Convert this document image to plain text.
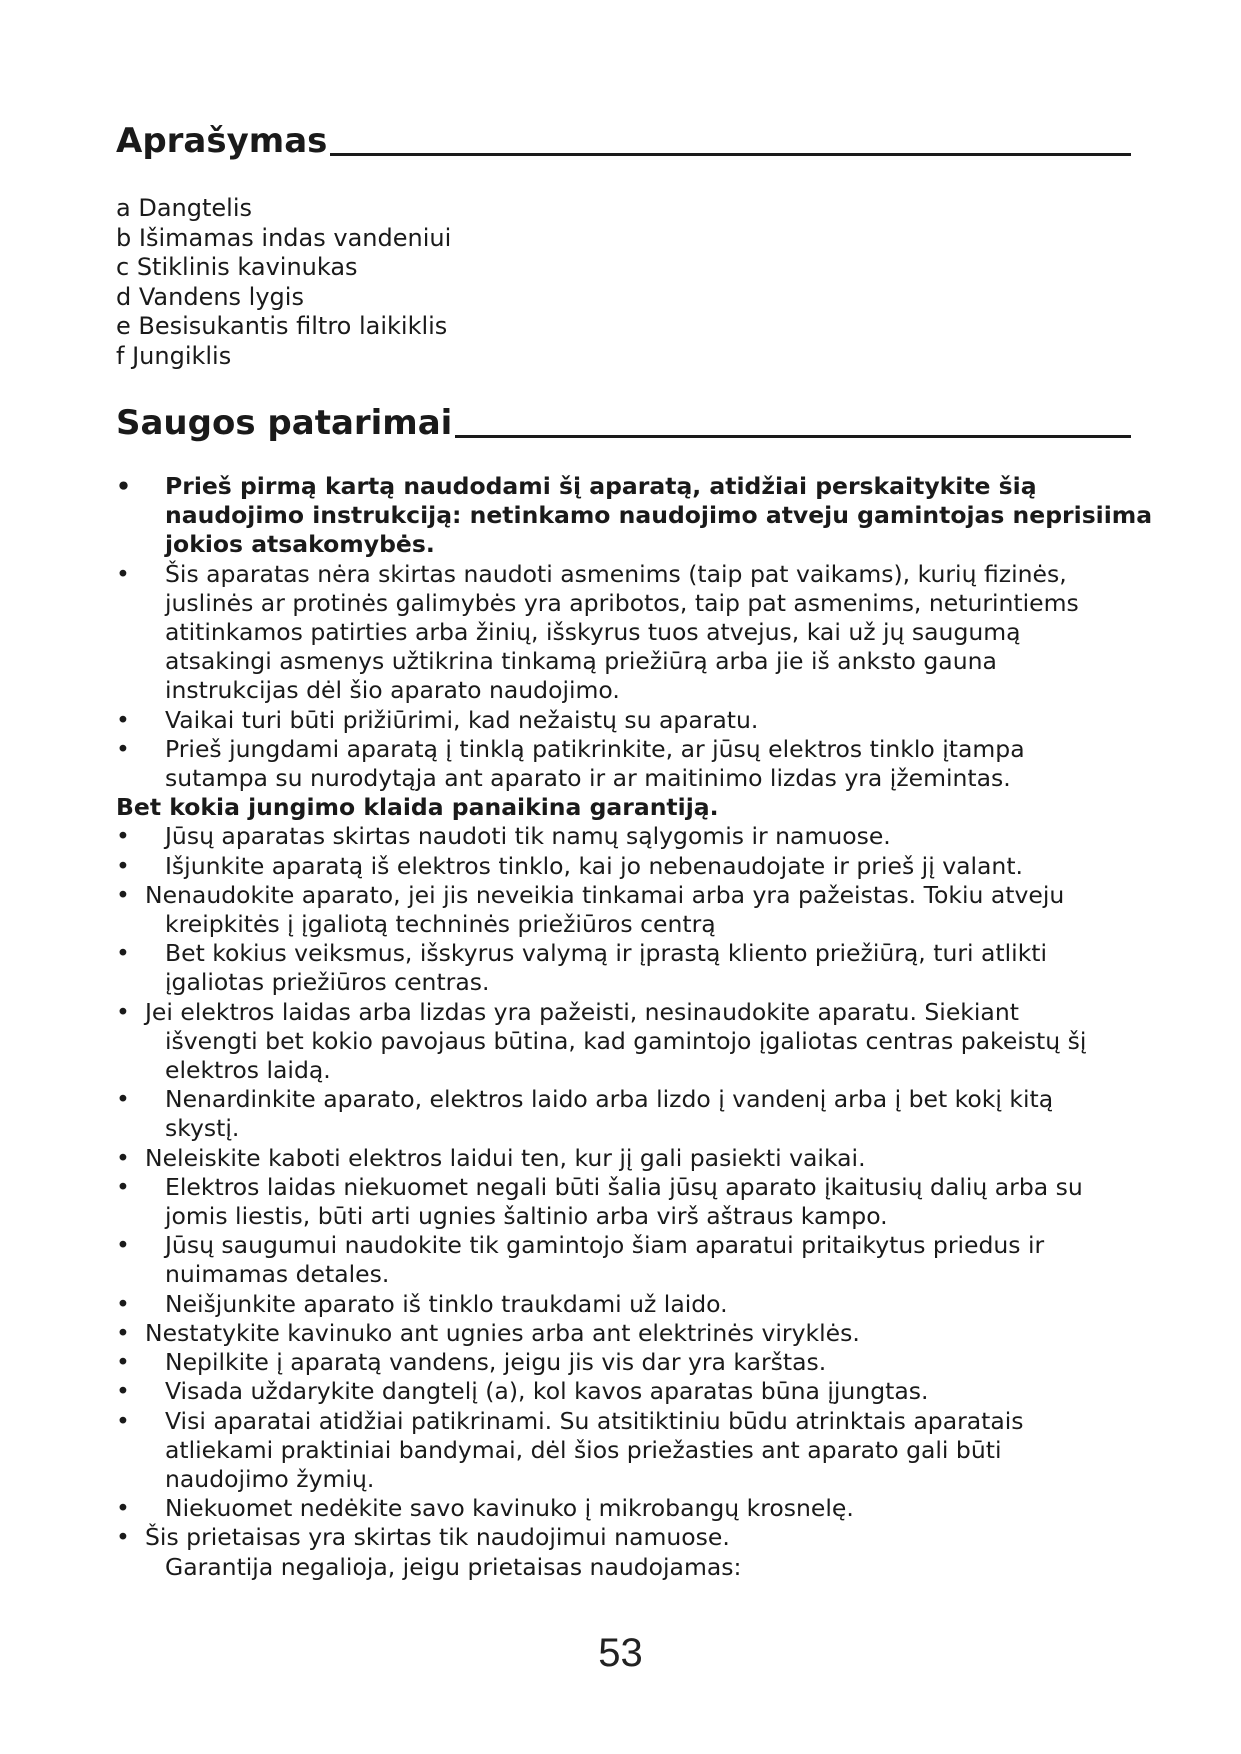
Aprašymas
a Dangtelis
b Išimamas indas vandeniui
c Stiklinis kavinukas
d Vandens lygis
e Besisukantis filtro laikiklis
f Jungiklis
Saugos patarimai
• Prieš pirmą kartą naudodami šį aparatą, atidžiai perskaitykite šią
naudojimo instrukciją: netinkamo naudojimo atveju gamintojas neprisiima
jokios atsakomybės.
• Šis aparatas nėra skirtas naudoti asmenims (taip pat vaikams), kurių fizinės,
juslinės ar protinės galimybės yra apribotos, taip pat asmenims, neturintiems
atitinkamos patirties arba žinių, išskyrus tuos atvejus, kai už jų saugumą
atsakingi asmenys užtikrina tinkamą priežiūrą arba jie iš anksto gauna
instrukcijas dėl šio aparato naudojimo.
• Vaikai turi būti prižiūrimi, kad nežaistų su aparatu.
• Prieš jungdami aparatą į tinklą patikrinkite, ar jūsų elektros tinklo įtampa
sutampa su nurodytąja ant aparato ir ar maitinimo lizdas yra įžemintas.
Bet kokia jungimo klaida panaikina garantiją.
• Jūsų aparatas skirtas naudoti tik namų sąlygomis ir namuose.
• Išjunkite aparatą iš elektros tinklo, kai jo nebenaudojate ir prieš jį valant.
• Nenaudokite aparato, jei jis neveikia tinkamai arba yra pažeistas. Tokiu atveju
kreipkitės į įgaliotą techninės priežiūros centrą
• Bet kokius veiksmus, išskyrus valymą ir įprastą kliento priežiūrą, turi atlikti
įgaliotas priežiūros centras.
• Jei elektros laidas arba lizdas yra pažeisti, nesinaudokite aparatu. Siekiant
išvengti bet kokio pavojaus būtina, kad gamintojo įgaliotas centras pakeistų šį
elektros laidą.
• Nenardinkite aparato, elektros laido arba lizdo į vandenį arba į bet kokį kitą
skystį.
• Neleiskite kaboti elektros laidui ten, kur jį gali pasiekti vaikai.
• Elektros laidas niekuomet negali būti šalia jūsų aparato įkaitusių dalių arba su
jomis liestis, būti arti ugnies šaltinio arba virš aštraus kampo.
• Jūsų saugumui naudokite tik gamintojo šiam aparatui pritaikytus priedus ir
nuimamas detales.
• Neišjunkite aparato iš tinklo traukdami už laido.
• Nestatykite kavinuko ant ugnies arba ant elektrinės viryklės.
• Nepilkite į aparatą vandens, jeigu jis vis dar yra karštas.
• Visada uždarykite dangtelį (a), kol kavos aparatas būna įjungtas.
• Visi aparatai atidžiai patikrinami. Su atsitiktiniu būdu atrinktais aparatais
atliekami praktiniai bandymai, dėl šios priežasties ant aparato gali būti
naudojimo žymių.
• Niekuomet nedėkite savo kavinuko į mikrobangų krosnelę.
• Šis prietaisas yra skirtas tik naudojimui namuose.
Garantija negalioja, jeigu prietaisas naudojamas:
53
